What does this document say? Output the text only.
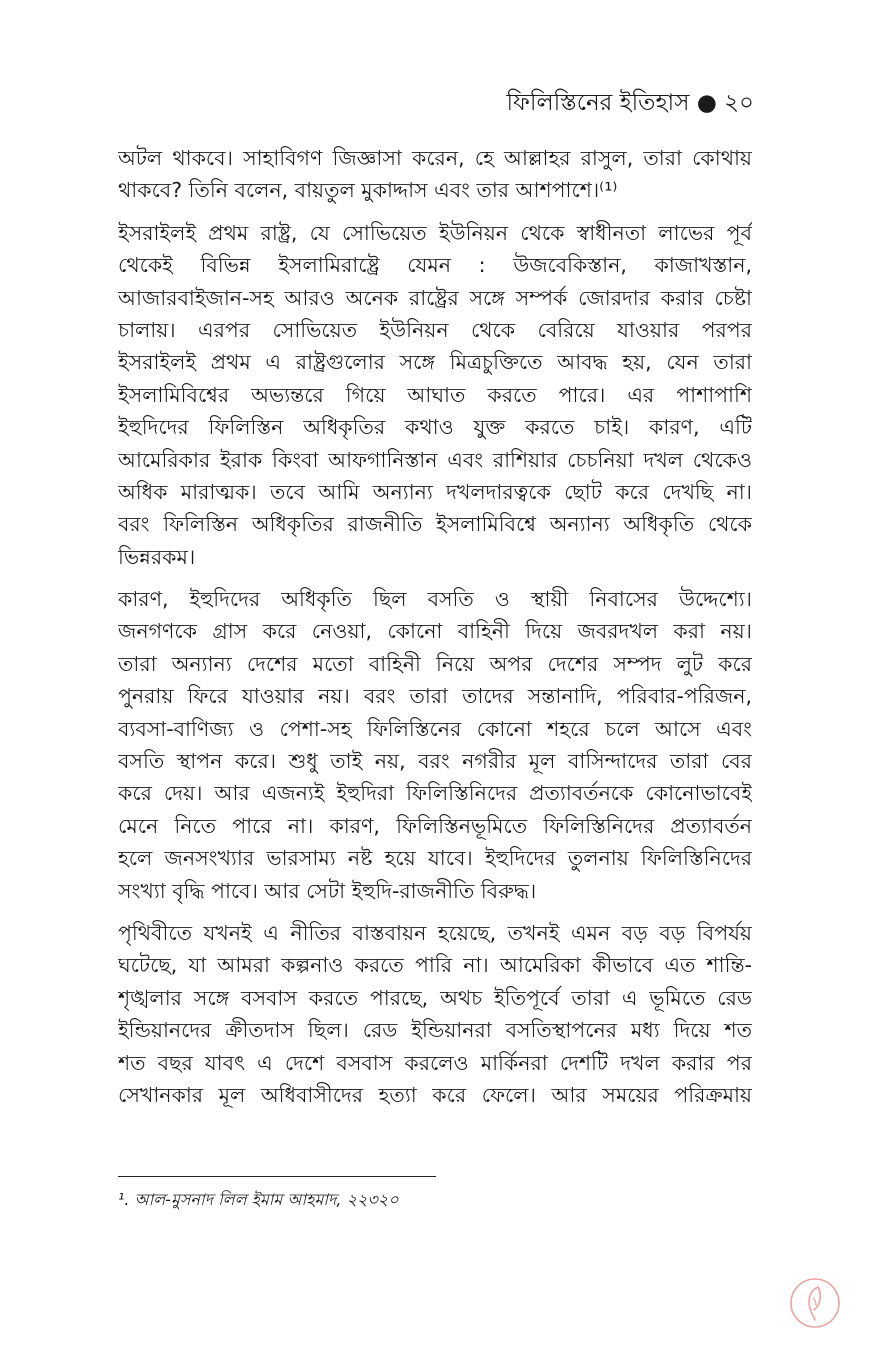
ফিলিস্তিনের ইতিহাস ● ২০
অটল থাকবে। সাহাবিগণ জিজ্ঞাসা করেন, হে আল্লাহর রাসুল, তারা কোথায়
থাকবে? তিনি বলেন, বায়তুল মুকাদ্দাস এবং তার আশপাশে।⁽¹⁾
ইসরাইলই প্রথম রাষ্ট্র, যে সোভিয়েত ইউনিয়ন থেকে স্বাধীনতা লাভের পূর্ব
থেকেই বিভিন্ন ইসলামিরাষ্ট্রে যেমন : উজবেকিস্তান, কাজাখস্তান,
আজারবাইজান-সহ আরও অনেক রাষ্ট্রের সঙ্গে সম্পর্ক জোরদার করার চেষ্টা
চালায়। এরপর সোভিয়েত ইউনিয়ন থেকে বেরিয়ে যাওয়ার পরপর
ইসরাইলই প্রথম এ রাষ্ট্রগুলোর সঙ্গে মিত্রচুক্তিতে আবদ্ধ হয়, যেন তারা
ইসলামিবিশ্বের অভ্যন্তরে গিয়ে আঘাত করতে পারে। এর পাশাপাশি
ইহুদিদের ফিলিস্তিন অধিকৃতির কথাও যুক্ত করতে চাই। কারণ, এটি
আমেরিকার ইরাক কিংবা আফগানিস্তান এবং রাশিয়ার চেচনিয়া দখল থেকেও
অধিক মারাত্মক। তবে আমি অন্যান্য দখলদারত্বকে ছোট করে দেখছি না।
বরং ফিলিস্তিন অধিকৃতির রাজনীতি ইসলামিবিশ্বে অন্যান্য অধিকৃতি থেকে
ভিন্নরকম।
কারণ, ইহুদিদের অধিকৃতি ছিল বসতি ও স্থায়ী নিবাসের উদ্দেশ্যে।
জনগণকে গ্রাস করে নেওয়া, কোনো বাহিনী দিয়ে জবরদখল করা নয়।
তারা অন্যান্য দেশের মতো বাহিনী নিয়ে অপর দেশের সম্পদ লুট করে
পুনরায় ফিরে যাওয়ার নয়। বরং তারা তাদের সন্তানাদি, পরিবার-পরিজন,
ব্যবসা-বাণিজ্য ও পেশা-সহ ফিলিস্তিনের কোনো শহরে চলে আসে এবং
বসতি স্থাপন করে। শুধু তাই নয়, বরং নগরীর মূল বাসিন্দাদের তারা বের
করে দেয়। আর এজন্যই ইহুদিরা ফিলিস্তিনিদের প্রত্যাবর্তনকে কোনোভাবেই
মেনে নিতে পারে না। কারণ, ফিলিস্তিনভূমিতে ফিলিস্তিনিদের প্রত্যাবর্তন
হলে জনসংখ্যার ভারসাম্য নষ্ট হয়ে যাবে। ইহুদিদের তুলনায় ফিলিস্তিনিদের
সংখ্যা বৃদ্ধি পাবে। আর সেটা ইহুদি-রাজনীতি বিরুদ্ধ।
পৃথিবীতে যখনই এ নীতির বাস্তবায়ন হয়েছে, তখনই এমন বড় বড় বিপর্যয়
ঘটেছে, যা আমরা কল্পনাও করতে পারি না। আমেরিকা কীভাবে এত শান্তি-
শৃঙ্খলার সঙ্গে বসবাস করতে পারছে, অথচ ইতিপূর্বে তারা এ ভূমিতে রেড
ইন্ডিয়ানদের ক্রীতদাস ছিল। রেড ইন্ডিয়ানরা বসতিস্থাপনের মধ্য দিয়ে শত
শত বছর যাবৎ এ দেশে বসবাস করলেও মার্কিনরা দেশটি দখল করার পর
সেখানকার মূল অধিবাসীদের হত্যা করে ফেলে। আর সময়ের পরিক্রমায়
¹. আল-মুসনাদ লিল ইমাম আহমাদ, ২২৩২০
